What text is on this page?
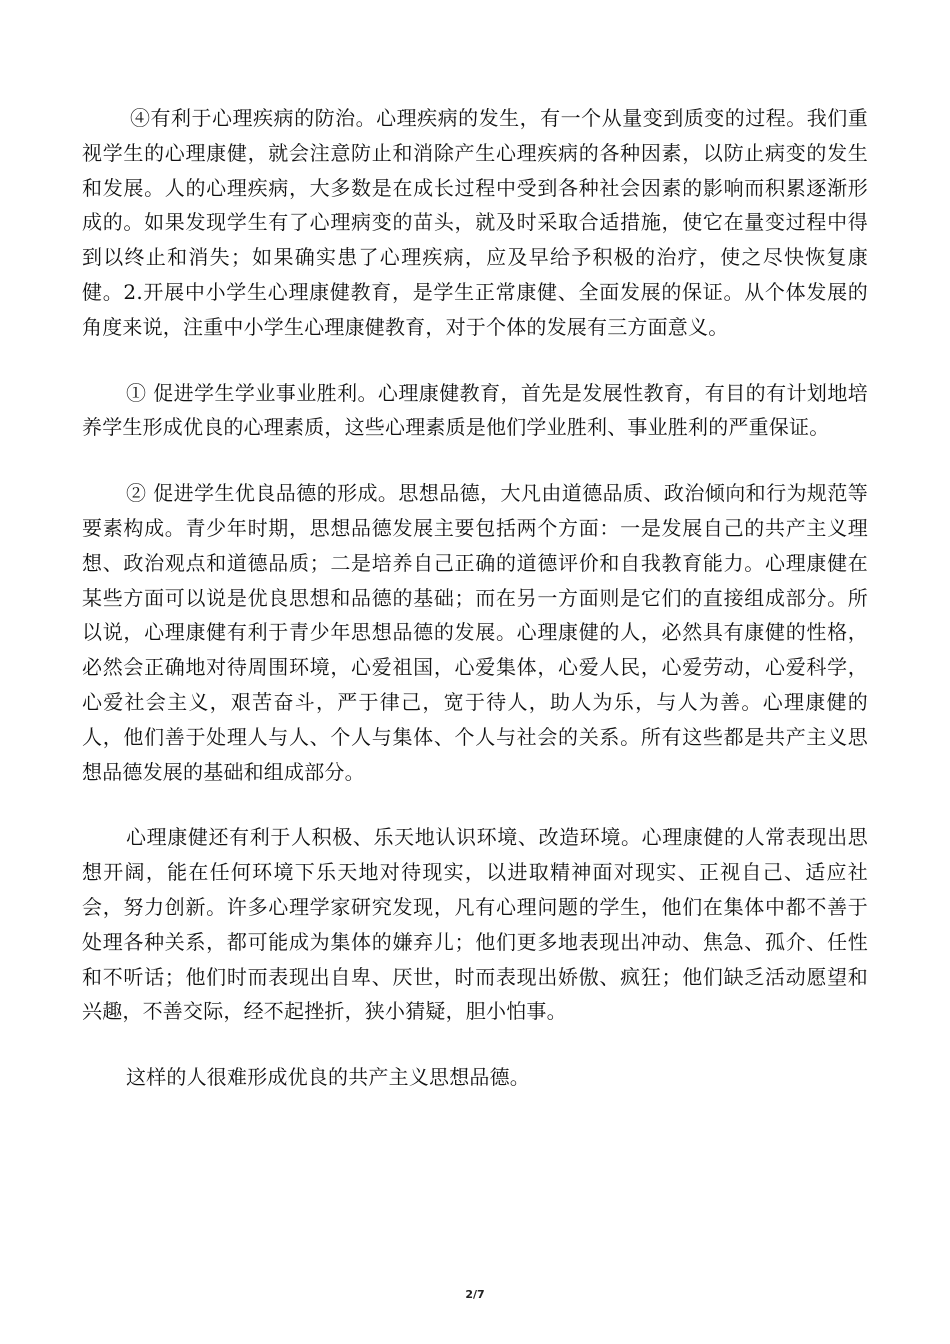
④有利于心理疾病的防治。心理疾病的发生，有一个从量变到质变的过程。我们重视学生的心理康健，就会注意防止和消除产生心理疾病的各种因素，以防止病变的发生和发展。人的心理疾病，大多数是在成长过程中受到各种社会因素的影响而积累逐渐形成的。如果发现学生有了心理病变的苗头，就及时采取合适措施，使它在量变过程中得到以终止和消失；如果确实患了心理疾病，应及早给予积极的治疗，使之尽快恢复康健。2.开展中小学生心理康健教育，是学生正常康健、全面发展的保证。从个体发展的角度来说，注重中小学生心理康健教育，对于个体的发展有三方面意义。

① 促进学生学业事业胜利。心理康健教育，首先是发展性教育，有目的有计划地培养学生形成优良的心理素质，这些心理素质是他们学业胜利、事业胜利的严重保证。

② 促进学生优良品德的形成。思想品德，大凡由道德品质、政治倾向和行为规范等要素构成。青少年时期，思想品德发展主要包括两个方面：一是发展自己的共产主义理想、政治观点和道德品质；二是培养自己正确的道德评价和自我教育能力。心理康健在某些方面可以说是优良思想和品德的基础；而在另一方面则是它们的直接组成部分。所以说，心理康健有利于青少年思想品德的发展。心理康健的人，必然具有康健的性格，必然会正确地对待周围环境，心爱祖国，心爱集体，心爱人民，心爱劳动，心爱科学，心爱社会主义，艰苦奋斗，严于律己，宽于待人，助人为乐，与人为善。心理康健的人，他们善于处理人与人、个人与集体、个人与社会的关系。所有这些都是共产主义思想品德发展的基础和组成部分。

心理康健还有利于人积极、乐天地认识环境、改造环境。心理康健的人常表现出思想开阔，能在任何环境下乐天地对待现实，以进取精神面对现实、正视自己、适应社会，努力创新。许多心理学家研究发现，凡有心理问题的学生，他们在集体中都不善于处理各种关系，都可能成为集体的嫌弃儿；他们更多地表现出冲动、焦急、孤介、任性和不听话；他们时而表现出自卑、厌世，时而表现出娇傲、疯狂；他们缺乏活动愿望和兴趣，不善交际，经不起挫折，狭小猜疑，胆小怕事。

这样的人很难形成优良的共产主义思想品德。

2/7
